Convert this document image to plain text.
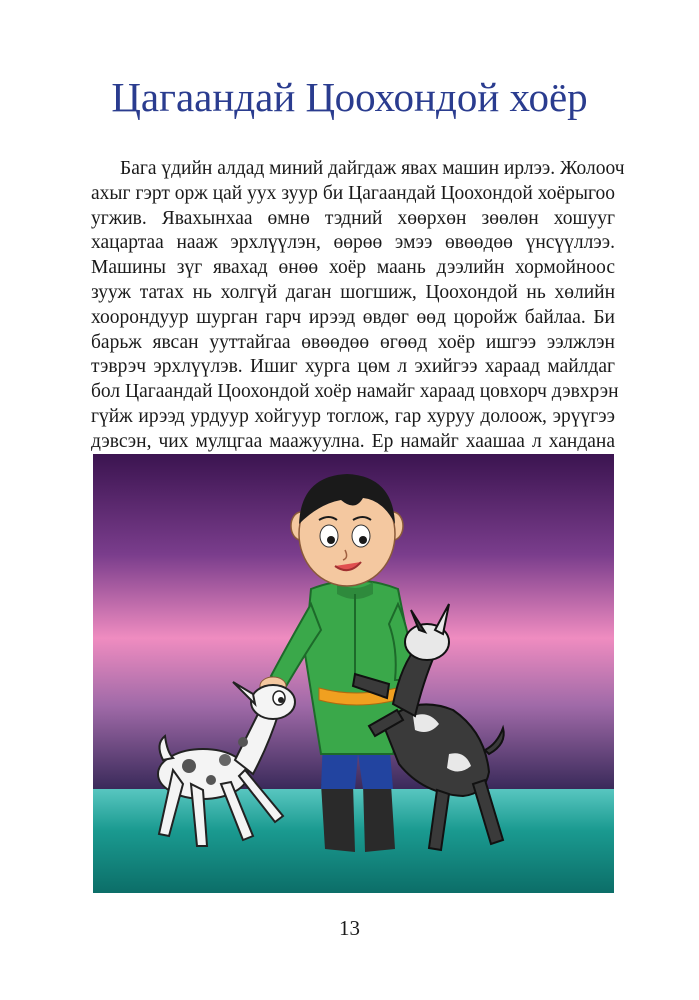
Цагаандай Цоохондой хоёр
Бага үдийн алдад миний дайгдаж явах машин ирлээ. Жолооч
ахыг гэрт орж цай уух зуур би Цагаандай Цоохондой хоёрыгоо
угжив. Явахынхаа өмнө тэдний хөөрхөн зөөлөн хошууг
хацартаа нааж эрхлүүлэн, өөрөө эмээ өвөөдөө үнсүүллээ.
Машины зүг явахад өнөө хоёр маань дээлийн хормойноос
зууж татах нь холгүй даган шогшиж, Цоохондой нь хөлийн
хоорондуур шурган гарч ирээд өвдөг өөд цоройж байлаа. Би
барьж явсан ууттайгаа өвөөдөө өгөөд хоёр ишгээ ээлжлэн
тэврэч эрхлүүлэв. Ишиг хурга цөм л эхийгээ хараад майлдаг
бол Цагаандай Цоохондой хоёр намайг хараад цовхорч дэвхрэн
гүйж ирээд урдуур хойгуур тоглож, гар хуруу долоож, эрүүгээ
дэвсэн, чих мулцгаа маажуулна. Ер намайг хаашаа л хандана
13
